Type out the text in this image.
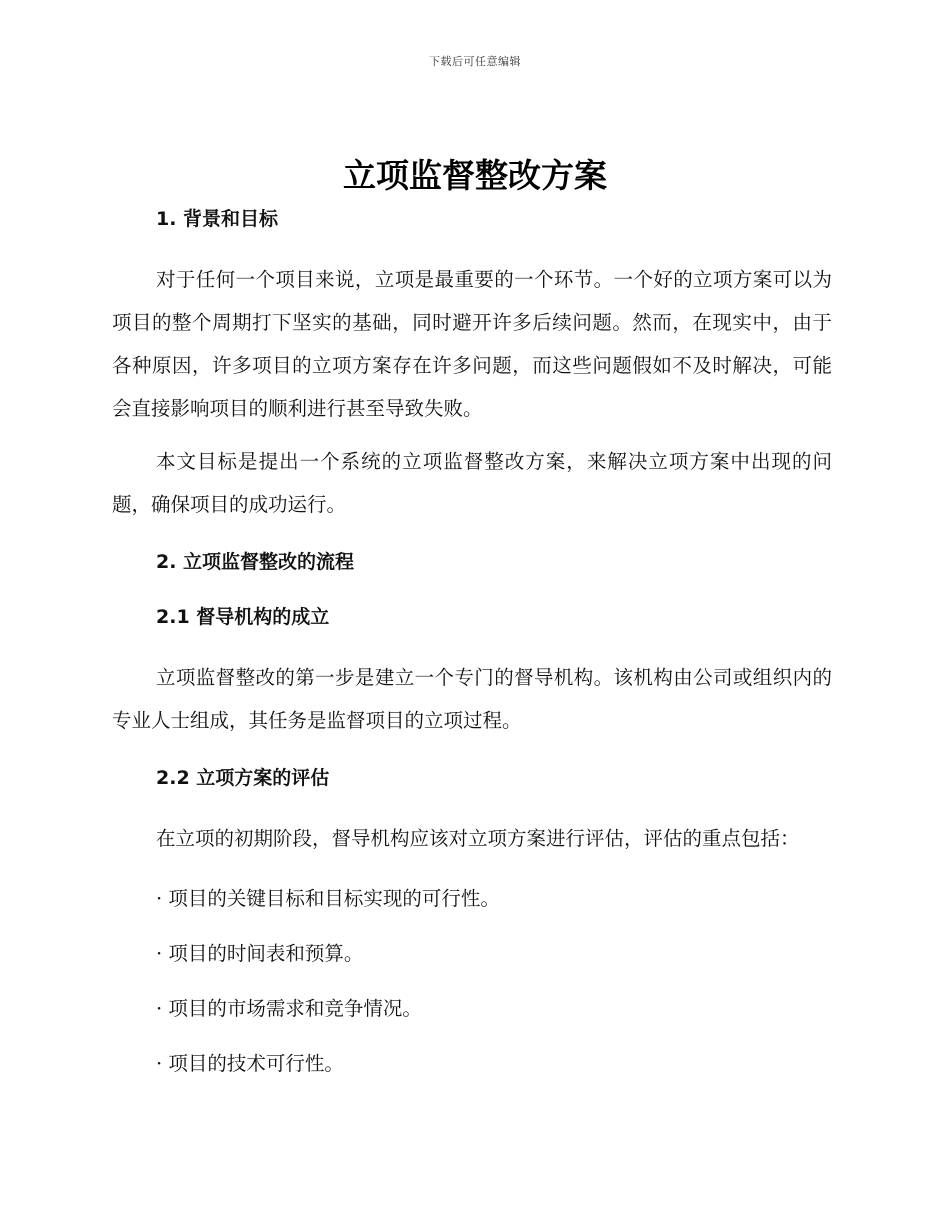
下载后可任意编辑
立项监督整改方案
1. 背景和目标

对于任何一个项目来说，立项是最重要的一个环节。一个好的立项方案可以为项目的整个周期打下坚实的基础，同时避开许多后续问题。然而，在现实中，由于各种原因，许多项目的立项方案存在许多问题，而这些问题假如不及时解决，可能会直接影响项目的顺利进行甚至导致失败。

本文目标是提出一个系统的立项监督整改方案，来解决立项方案中出现的问题，确保项目的成功运行。

2. 立项监督整改的流程
2.1 督导机构的成立

立项监督整改的第一步是建立一个专门的督导机构。该机构由公司或组织内的专业人士组成，其任务是监督项目的立项过程。

2.2 立项方案的评估

在立项的初期阶段，督导机构应该对立项方案进行评估，评估的重点包括：

· 项目的关键目标和目标实现的可行性。
· 项目的时间表和预算。
· 项目的市场需求和竞争情况。
· 项目的技术可行性。
